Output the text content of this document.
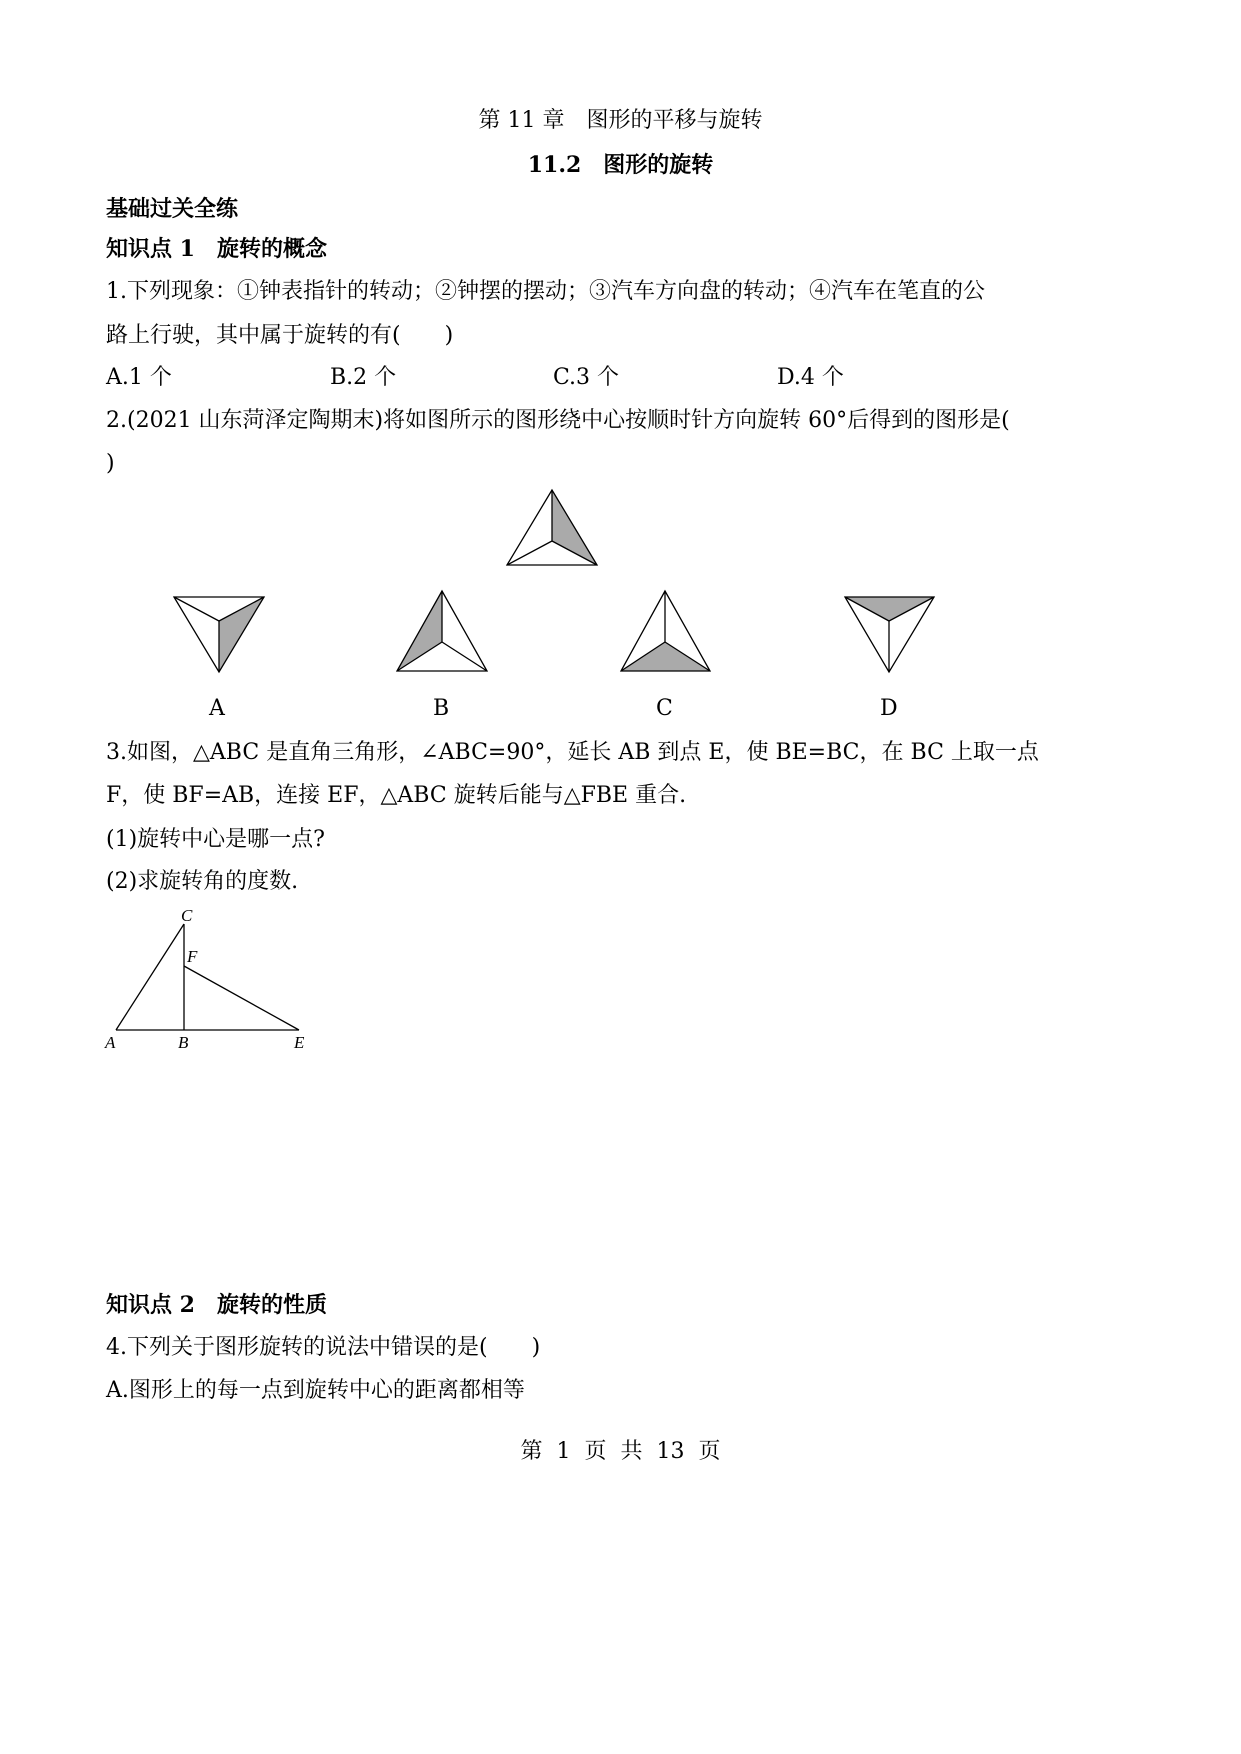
第 11 章　图形的平移与旋转
11.2　图形的旋转
基础过关全练
知识点 1　旋转的概念
1.下列现象：①钟表指针的转动；②钟摆的摆动；③汽车方向盘的转动；④汽车在笔直的公
路上行驶，其中属于旋转的有(　　)
A.1 个	B.2 个	C.3 个	D.4 个
2.(2021 山东菏泽定陶期末)将如图所示的图形绕中心按顺时针方向旋转 60°后得到的图形是(
)
A	B	C	D
3.如图，△ABC 是直角三角形，∠ABC=90°，延长 AB 到点 E，使 BE=BC，在 BC 上取一点
F，使 BF=AB，连接 EF，△ABC 旋转后能与△FBE 重合.
(1)旋转中心是哪一点?
(2)求旋转角的度数.
C
F
A	B	E
知识点 2　旋转的性质
4.下列关于图形旋转的说法中错误的是(　　)
A.图形上的每一点到旋转中心的距离都相等
第  1  页  共  13  页
